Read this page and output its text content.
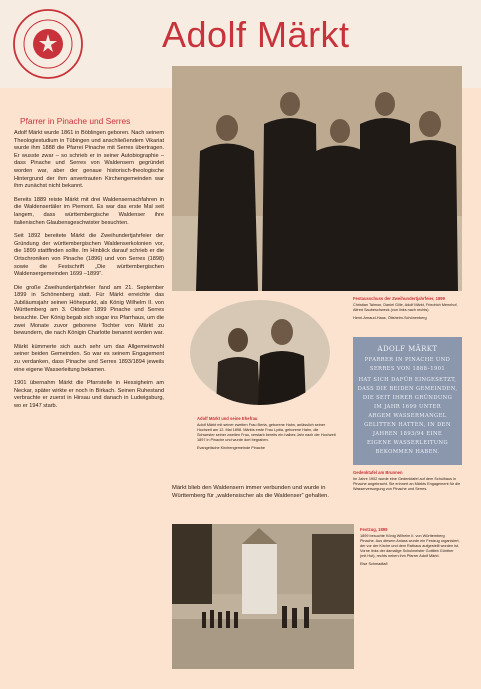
Adolf Märkt
Pfarrer in Pinache und Serres

Adolf Märkt wurde 1861 in Böblingen geboren. Nach seinem Theologiestudium in Tübingen und anschließendem Vikariat wurde ihm 1888 die Pfarrei Pinache mit Serres übertragen. Er wusste zwar – so schrieb er in seiner Autobiographie – dass Pinache und Serres von Waldensern gegründet worden war, aber der genaue historisch-theologische Hintergrund der ihm anvertrauten Kirchengemeinden war ihm zunächst nicht bekannt.

Bereits 1889 reiste Märkt mit drei Waldensernachfahren in die Waldensertäler im Piemont. Es war das erste Mal seit langem, dass württembergische Waldenser ihre italienischen Glaubensgeschwister besuchten.

Seit 1892 bereitete Märkt die Zweihundertjahrfeier der Gründung der württembergischen Waldenserkolonien vor, die 1899 stattfinden sollte. Im Hinblick darauf schrieb er die Ortschroniken von Pinache (1896) und von Serres (1898) sowie die Festschrift „Die württembergischen Waldensergemeinden 1699 –1899“.

Die große Zweihundertjahrfeier fand am 21. September 1899 in Schönenberg statt. Für Märkt erreichte das Jubiläumsjahr seinen Höhepunkt, als König Wilhelm II. von Württemberg am 3. Oktober 1899 Pinache und Serres besuchte. Der König begab sich sogar ins Pfarrhaus, um die zwei Monate zuvor geborene Tochter von Märkt zu bewundern, die nach Königin Charlotte benannt worden war.

Märkt kümmerte sich auch sehr um das Allgemeinwohl seiner beiden Gemeinden. So war es seinem Engagement zu verdanken, dass Pinache und Serres 1893/1894 jeweils eine eigene Wasserleitung bekamen.

1901 übernahm Märkt die Pfarrstelle in Hessigheim am Neckar, später wirkte er noch in Birkach. Seinen Ruhestand verbrachte er zuerst in Hirsau und danach in Ludwigsburg, wo er 1947 starb.

Festausschuss der Zweihundertjahrfeier, 1899
Christian Talmon, Daniel Gille, Adolf Märkt, Friedrich Mennhof, Alfred Saubeschweck (von links nach rechts)
Henri-Arnaud-Haus, Ötisheim-Schönenberg
Adolf Märkt und seine Ehefrau
Adolf Märkt mit seiner zweiten Frau Berta, geborene Hahn, anlässlich seiner Hochzeit am 12. Mai 1898. Märkts erste Frau Lydia, geborene Hahn, die Schwester seiner zweiten Frau, verstarb bereits ein halbes Jahr nach der Hochzeit 1897 in Pinache und wurde dort begraben.
Evangelische Kirchengemeinde Pinache
ADOLF MÄRKT
PFARRER IN PINACHE UND
SERRES VON 1888–1901
HAT SICH DAFÜR EINGESETZT,
DASS DIE BEIDEN GEMEINDEN,
DIE SEIT IHRER GRÜNDUNG
IM JAHR 1699 UNTER
ARGEM WASSERMANGEL
GELITTEN HATTEN, IN DEN
JAHREN 1893/94 EINE
EIGENE WASSERLEITUNG
BEKOMMEN HABEN.
Gedenktafel am Brunnen
Im Jahre 1902 wurde eine Gedenktafel auf dem Schulhaus in Pinache angebracht. Sie erinnert an Märkts Engagement für die Wasserversorgung von Pinache und Serres.
Märkt blieb den Waldensern immer verbunden und wurde in Württemberg für „waldensischer als die Waldenser“ gehalten.
Festzug, 1899
1899 besuchte König Wilhelm II. von Württemberg Pinache. Aus diesem Anlass wurde ein Festzug organisiert, der vor der Kirche und dem Rathaus aufgestellt worden ist. Vorne links der damalige Schulmeister Gottlieb Günther (mit Hut), rechts neben ihm Pfarrer Adolf Märkt.
Else Schmadtafl
